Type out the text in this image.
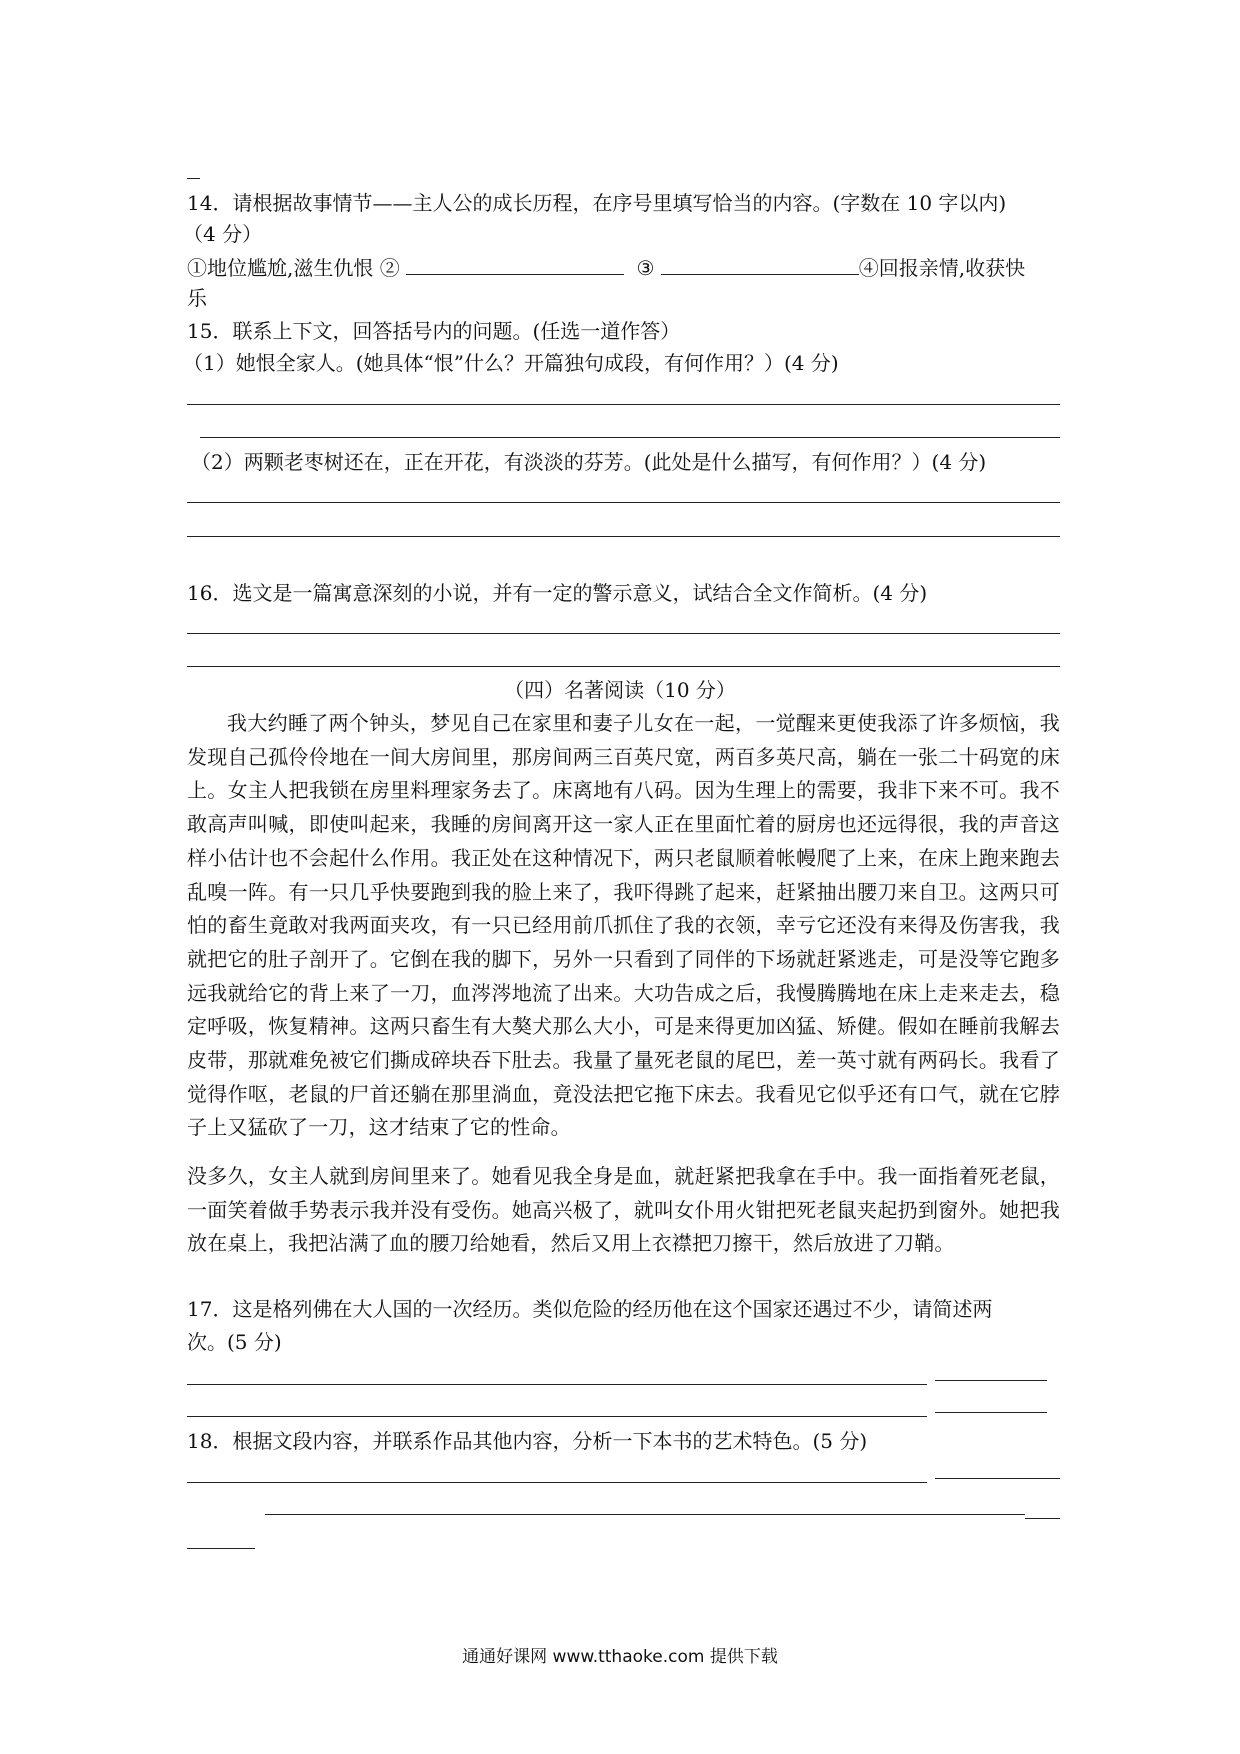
14．请根据故事情节——主人公的成长历程，在序号里填写恰当的内容。(字数在 10 字以内)
（4 分）
①地位尴尬,滋生仇恨 ②	③	④回报亲情,收获快
乐
15．联系上下文，回答括号内的问题。(任选一道作答）
（1）她恨全家人。(她具体“恨”什么？开篇独句成段，有何作用？）(4 分)
（2）两颗老枣树还在，正在开花，有淡淡的芬芳。(此处是什么描写，有何作用？）(4 分)
16．选文是一篇寓意深刻的小说，并有一定的警示意义，试结合全文作简析。(4 分)
（四）名著阅读（10 分）
我大约睡了两个钟头，梦见自己在家里和妻子儿女在一起，一觉醒来更使我添了许多烦恼，我发现自己孤伶伶地在一间大房间里，那房间两三百英尺宽，两百多英尺高，躺在一张二十码宽的床上。女主人把我锁在房里料理家务去了。床离地有八码。因为生理上的需要，我非下来不可。我不敢高声叫喊，即使叫起来，我睡的房间离开这一家人正在里面忙着的厨房也还远得很，我的声音这样小估计也不会起什么作用。我正处在这种情况下，两只老鼠顺着帐幔爬了上来，在床上跑来跑去乱嗅一阵。有一只几乎快要跑到我的脸上来了，我吓得跳了起来，赶紧抽出腰刀来自卫。这两只可怕的畜生竟敢对我两面夹攻，有一只已经用前爪抓住了我的衣领，幸亏它还没有来得及伤害我，我就把它的肚子剖开了。它倒在我的脚下，另外一只看到了同伴的下场就赶紧逃走，可是没等它跑多远我就给它的背上来了一刀，血涔涔地流了出来。大功告成之后，我慢腾腾地在床上走来走去，稳定呼吸，恢复精神。这两只畜生有大獒犬那么大小，可是来得更加凶猛、矫健。假如在睡前我解去皮带，那就难免被它们撕成碎块吞下肚去。我量了量死老鼠的尾巴，差一英寸就有两码长。我看了觉得作呕，老鼠的尸首还躺在那里淌血，竟没法把它拖下床去。我看见它似乎还有口气，就在它脖子上又猛砍了一刀，这才结束了它的性命。
没多久，女主人就到房间里来了。她看见我全身是血，就赶紧把我拿在手中。我一面指着死老鼠，一面笑着做手势表示我并没有受伤。她高兴极了，就叫女仆用火钳把死老鼠夹起扔到窗外。她把我放在桌上，我把沾满了血的腰刀给她看，然后又用上衣襟把刀擦干，然后放进了刀鞘。
17．这是格列佛在大人国的一次经历。类似危险的经历他在这个国家还遇过不少，请简述两
次。(5 分)
18．根据文段内容，并联系作品其他内容，分析一下本书的艺术特色。(5 分)
通通好课网 www.tthaoke.com 提供下载
